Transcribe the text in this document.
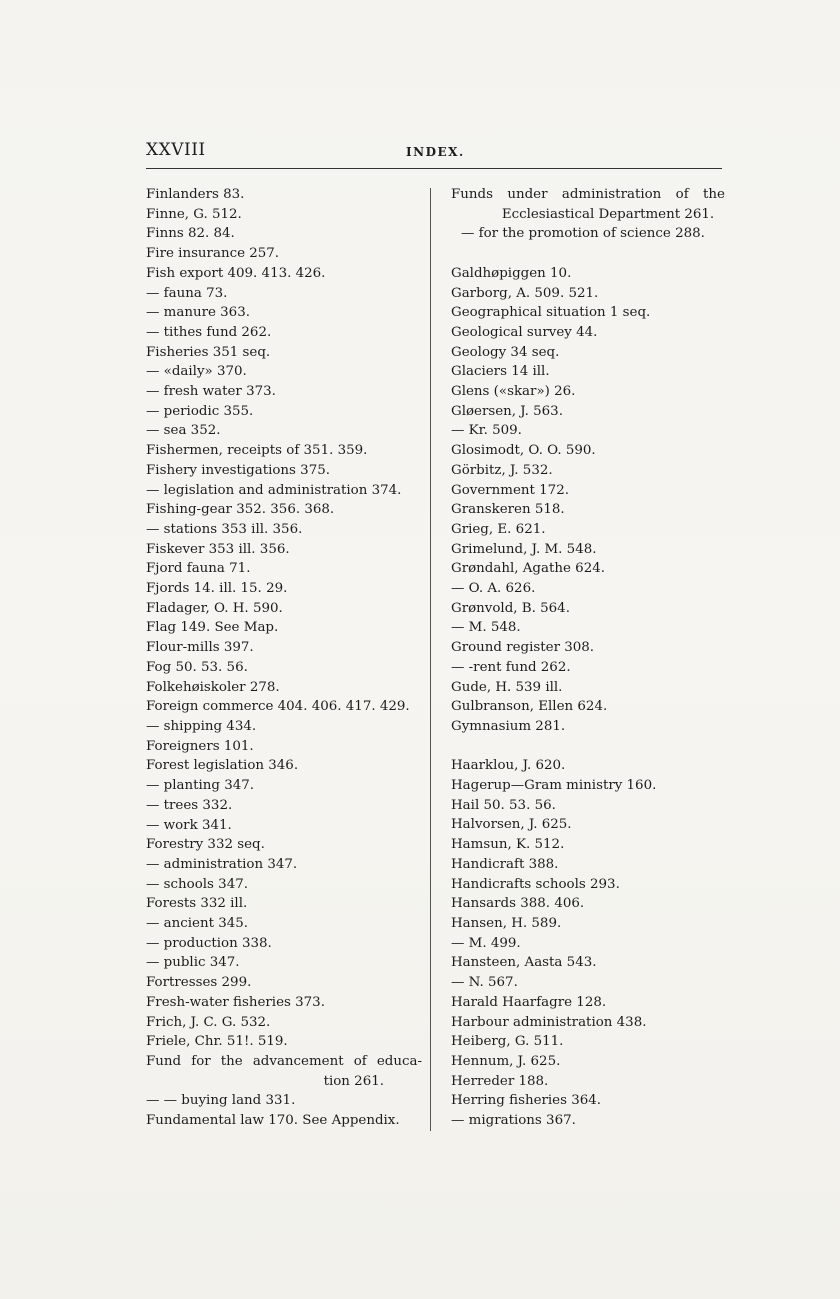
XXVIII	INDEX.
Finlanders 83.
Finne, G. 512.
Finns 82. 84.
Fire insurance 257.
Fish export 409. 413. 426.
— fauna 73.
— manure 363.
— tithes fund 262.
Fisheries 351 seq.
— «daily» 370.
— fresh water 373.
— periodic 355.
— sea 352.
Fishermen, receipts of 351. 359.
Fishery investigations 375.
— legislation and administration 374.
Fishing-gear 352. 356. 368.
— stations 353 ill. 356.
Fiskever 353 ill. 356.
Fjord fauna 71.
Fjords 14. ill. 15. 29.
Fladager, O. H. 590.
Flag 149. See Map.
Flour-mills 397.
Fog 50. 53. 56.
Folkehøiskoler 278.
Foreign commerce 404. 406. 417. 429.
— shipping 434.
Foreigners 101.
Forest legislation 346.
— planting 347.
— trees 332.
— work 341.
Forestry 332 seq.
— administration 347.
— schools 347.
Forests 332 ill.
— ancient 345.
— production 338.
— public 347.
Fortresses 299.
Fresh-water fisheries 373.
Frich, J. C. G. 532.
Friele, Chr. 51!. 519.
Fund for the advancement of educa-
tion 261.
— — buying land 331.
Fundamental law 170. See Appendix.
Funds under administration of the
Ecclesiastical Department 261.
— for the promotion of science 288.
Galdhøpiggen 10.
Garborg, A. 509. 521.
Geographical situation 1 seq.
Geological survey 44.
Geology 34 seq.
Glaciers 14 ill.
Glens («skar») 26.
Gløersen, J. 563.
— Kr. 509.
Glosimodt, O. O. 590.
Görbitz, J. 532.
Government 172.
Granskeren 518.
Grieg, E. 621.
Grimelund, J. M. 548.
Grøndahl, Agathe 624.
— O. A. 626.
Grønvold, B. 564.
— M. 548.
Ground register 308.
— -rent fund 262.
Gude, H. 539 ill.
Gulbranson, Ellen 624.
Gymnasium 281.
Haarklou, J. 620.
Hagerup—Gram ministry 160.
Hail 50. 53. 56.
Halvorsen, J. 625.
Hamsun, K. 512.
Handicraft 388.
Handicrafts schools 293.
Hansards 388. 406.
Hansen, H. 589.
— M. 499.
Hansteen, Aasta 543.
— N. 567.
Harald Haarfagre 128.
Harbour administration 438.
Heiberg, G. 511.
Hennum, J. 625.
Herreder 188.
Herring fisheries 364.
— migrations 367.
